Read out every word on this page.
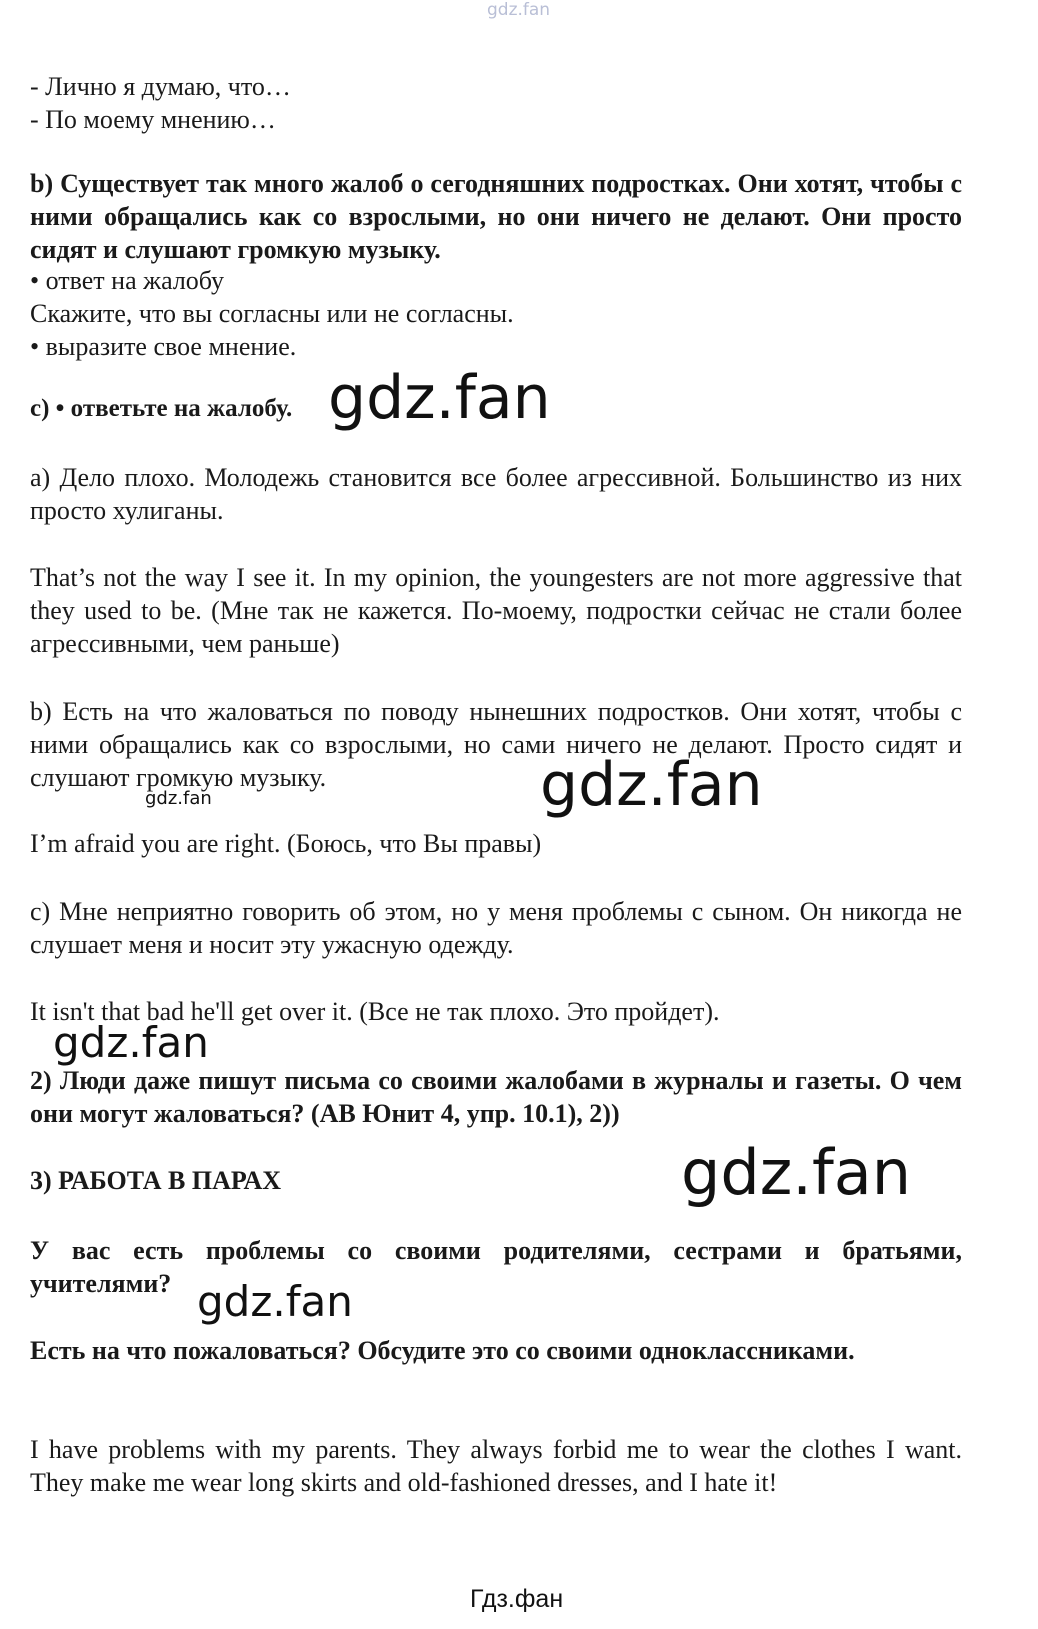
gdz.fan

- Лично я думаю, что…
- По моему мнению…

b) Существует так много жалоб о сегодняшних подростках. Они хотят, чтобы с ними обращались как со взрослыми, но они ничего не делают. Они просто сидят и слушают громкую музыку.

• ответ на жалобу
Скажите, что вы согласны или не согласны.
• выразите свое мнение.

c) • ответьте на жалобу. gdz.fan

a) Дело плохо. Молодежь становится все более агрессивной. Большинство из них просто хулиганы.

That’s not the way I see it. In my opinion, the youngesters are not more aggressive that they used to be. (Мне так не кажется. По-моему, подростки сейчас не стали более агрессивными, чем раньше)

b) Есть на что жаловаться по поводу нынешних подростков. Они хотят, чтобы с ними обращались как со взрослыми, но сами ничего не делают. Просто сидят и слушают громкую музыку.	gdz.fan
gdz.fan

I’m afraid you are right. (Боюсь, что Вы правы)

c) Мне неприятно говорить об этом, но у меня проблемы с сыном. Он никогда не слушает меня и носит эту ужасную одежду.

It isn't that bad he'll get over it. (Все не так плохо. Это пройдет).

gdz.fan

2) Люди даже пишут письма со своими жалобами в журналы и газеты. О чем они могут жаловаться? (АВ Юнит 4, упр. 10.1), 2))

3) РАБОТА В ПАРАХ	gdz.fan

У вас есть проблемы со своими родителями, сестрами и братьями, учителями? gdz.fan

Есть на что пожаловаться? Обсудите это со своими одноклассниками.

I have problems with my parents. They always forbid me to wear the clothes I want. They make me wear long skirts and old-fashioned dresses, and I hate it!

Гдз.фан
